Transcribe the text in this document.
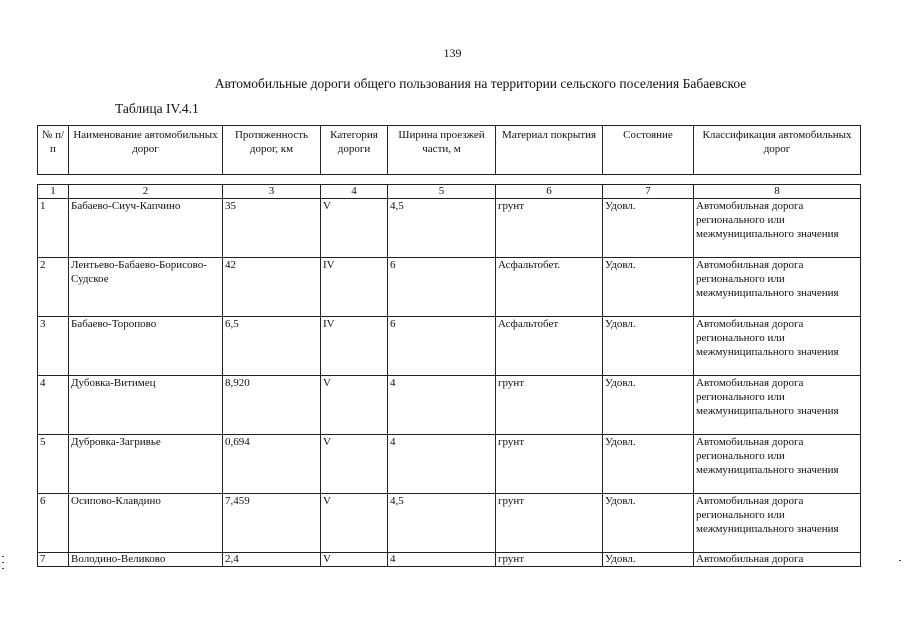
139
Автомобильные дороги общего пользования на территории сельского поселения Бабаевское
Таблица IV.4.1
№ п/п	Наименование автомобильных дорог	Протяженность дорог, км	Категория дороги	Ширина проезжей части, м	Материал покрытия	Состояние	Классификация автомобильных дорог

1	2	3	4	5	6	7	8
1	Бабаево-Сиуч-Капчино	35	V	4,5	грунт	Удовл.	Автомобильная дорога регионального или межмуниципального значения
2	Лентьево-Бабаево-Борисово-Судское	42	IV	6	Асфальтобет.	Удовл.	Автомобильная дорога регионального или межмуниципального значения
3	Бабаево-Торопово	6,5	IV	6	Асфальтобет	Удовл.	Автомобильная дорога регионального или межмуниципального значения
4	Дубовка-Витимец	8,920	V	4	грунт	Удовл.	Автомобильная дорога регионального или межмуниципального значения
5	Дубровка-Загривье	0,694	V	4	грунт	Удовл.	Автомобильная дорога регионального или межмуниципального значения
6	Осипово-Клавдино	7,459	V	4,5	грунт	Удовл.	Автомобильная дорога регионального или межмуниципального значения
7	Володино-Великово	2,4	V	4	грунт	Удовл.	Автомобильная дорога
